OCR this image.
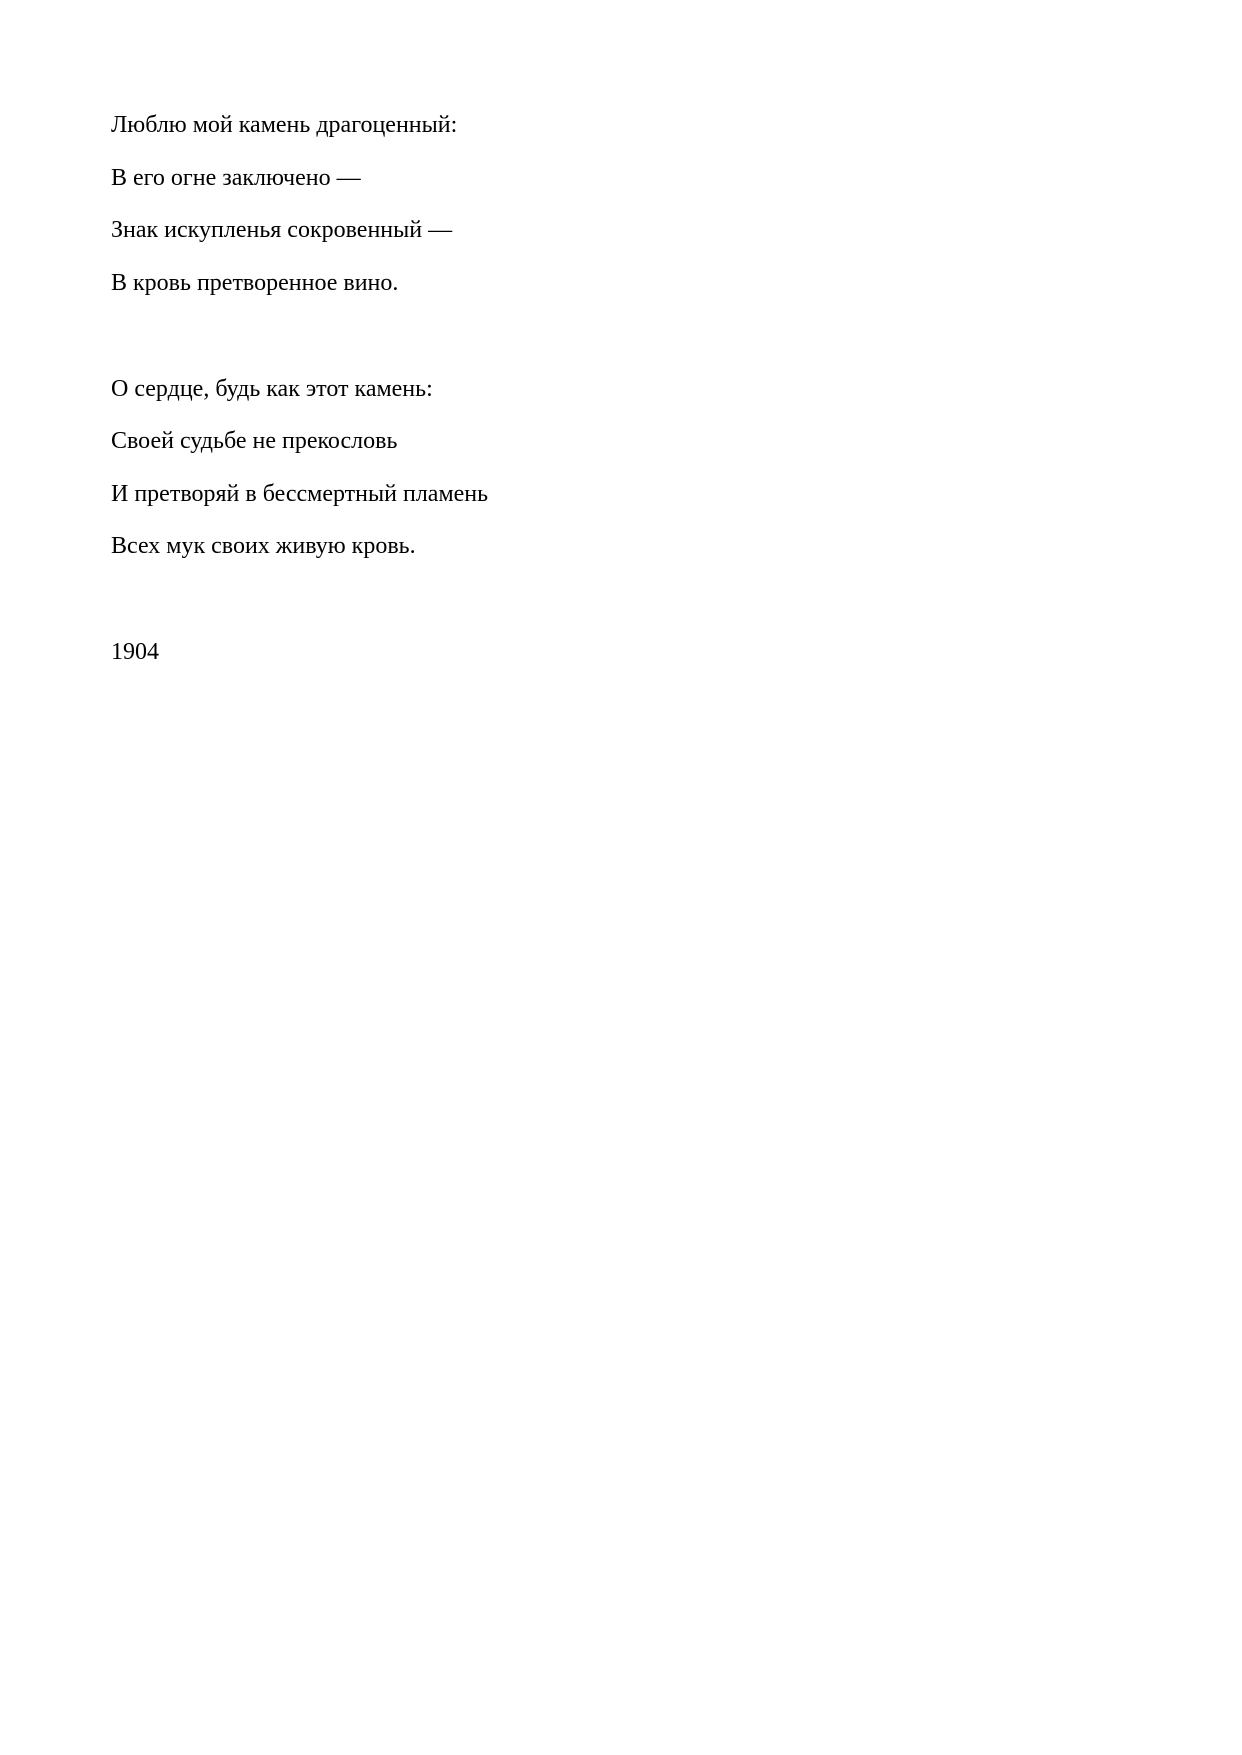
Люблю мой камень драгоценный:
В его огне заключено —
Знак искупленья сокровенный —
В кровь претворенное вино.
О сердце, будь как этот камень:
Своей судьбе не прекословь
И претворяй в бессмертный пламень
Всех мук своих живую кровь.
1904
